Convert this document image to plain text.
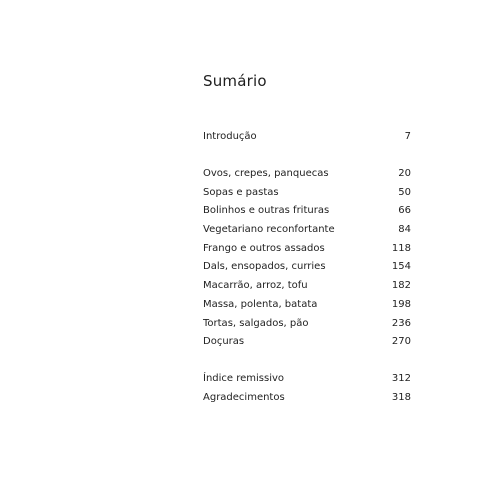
Sumário
Introdução	7
Ovos, crepes, panquecas	20
Sopas e pastas	50
Bolinhos e outras frituras	66
Vegetariano reconfortante	84
Frango e outros assados	118
Dals, ensopados, curries	154
Macarrão, arroz, tofu	182
Massa, polenta, batata	198
Tortas, salgados, pão	236
Doçuras	270
Índice remissivo	312
Agradecimentos	318
